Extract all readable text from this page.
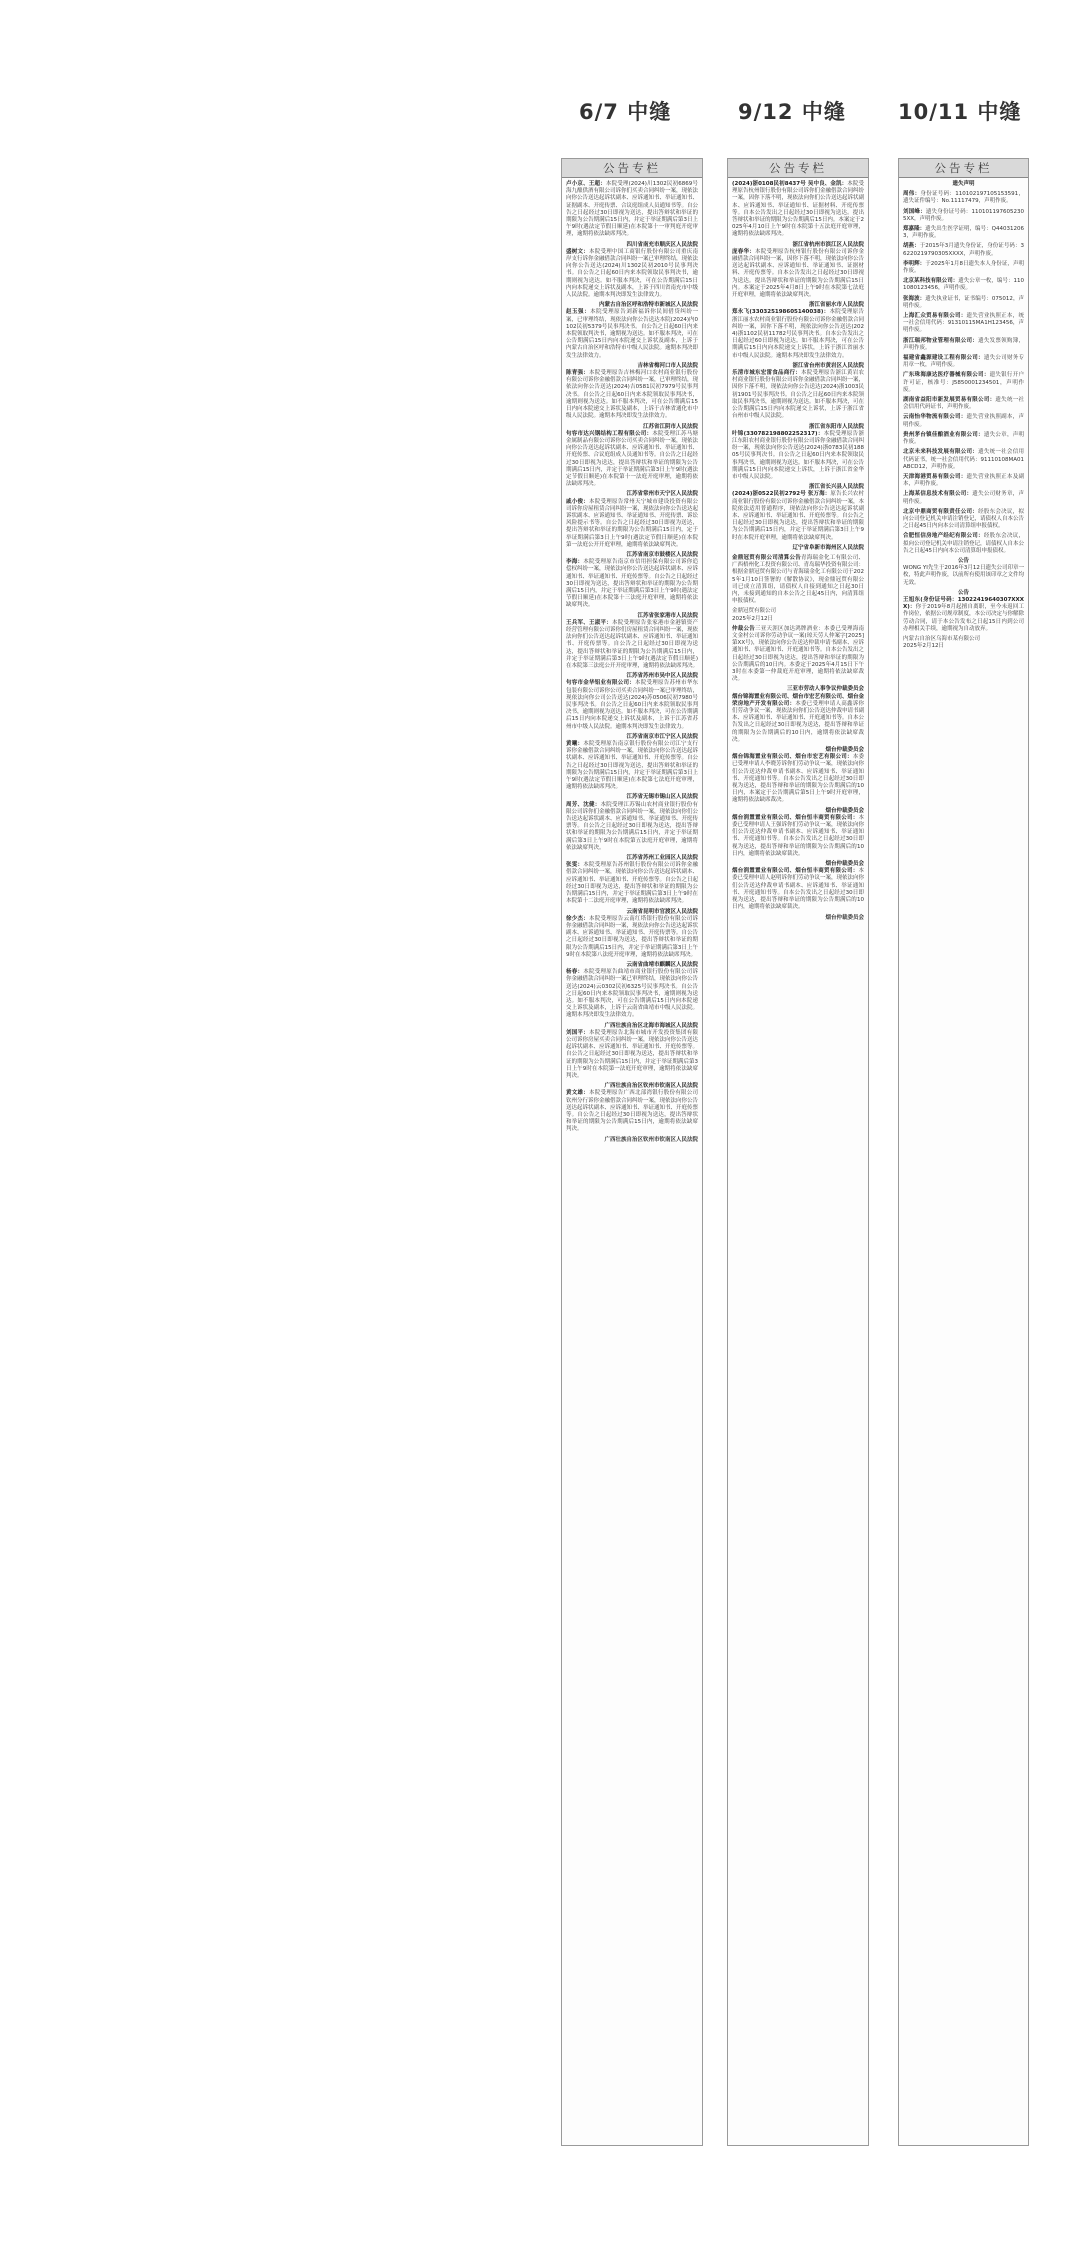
6/7 中缝	9/12 中缝 10/11 中缝
公告专栏
卢小京、王超：本院受理(2024)川1302民初6869号海九酿供酒有限公司诉你们买卖合同纠纷一案，现依法向你公告送达起诉状副本、应诉通知书、举证通知书、证据副本、开庭传票、合议庭组成人员通知书等。自公告之日起经过30日即视为送达，提出答辩状和举证的期限为公告期满后15日内，并定于举证期满后第3日上午9时(遇法定节假日顺延)在本院第十一审判庭开庭审理，逾期将依法缺席判决。
四川省南充市顺庆区人民法院
盛树文：本院受理中国工商银行股份有限公司重庆南岸支行诉你金融借款合同纠纷一案已审理终结，现依法向你公告送达(2024)川1302民初2010号民事判决书。自公告之日起60日内来本院领取民事判决书，逾期则视为送达。如不服本判决，可在公告期满后15日内向本院递交上诉状及副本，上诉于四川省南充市中级人民法院。逾期本判决即发生法律效力。
内蒙古自治区呼和浩特市新城区人民法院
赵玉强：本院受理原告刘新福诉你民间借贷纠纷一案，已审理终结，现依法向你公告送达本院(2024)内0102民初5379号民事判决书。自公告之日起60日内来本院领取判决书，逾期视为送达。如不服本判决，可在公告期满后15日内向本院递交上诉状及副本，上诉于内蒙古自治区呼和浩特市中级人民法院。逾期本判决即发生法律效力。
吉林省梅河口市人民法院
陈青强：本院受理原告吉林梅河口农村商业银行股份有限公司诉你金融借款合同纠纷一案，已审理终结，现依法向你公告送达(2024)吉0581民初7979号民事判决书。自公告之日起60日内来本院领取民事判决书，逾期则视为送达。如不服本判决，可在公告期满后15日内向本院递交上诉状及副本，上诉于吉林省通化市中级人民法院。逾期本判决即发生法律效力。
江苏省江阴市人民法院
句容市达兴钢结构工程有限公司：本院受理江苏马塘金属制品有限公司诉你公司买卖合同纠纷一案，现依法向你公告送达起诉状副本、应诉通知书、举证通知书、开庭传票、合议庭组成人员通知书等。自公告之日起经过30日即视为送达，提出答辩状和举证的期限为公告期满后15日内，并定于举证期满后第3日上午9时(遇法定节假日顺延)在本院第十一法庭开庭审理，逾期将依法缺席判决。
江苏省常州市天宁区人民法院
戚小俊：本院受理原告常州天宁城市建设投资有限公司诉你房屋租赁合同纠纷一案，现依法向你公告送达起诉状副本、应诉通知书、举证通知书、开庭传票、诉讼风险提示书等。自公告之日起经过30日即视为送达，提出答辩状和举证的期限为公告期满后15日内，定于举证期满后第3日上午9时(遇法定节假日顺延)在本院第一法庭公开开庭审理，逾期将依法缺席判决。
江苏省南京市鼓楼区人民法院
李海：本院受理原告南京市信用担保有限公司诉你追偿权纠纷一案，现依法向你公告送达起诉状副本、应诉通知书、举证通知书、开庭传票等。自公告之日起经过30日即视为送达，提出答辩状和举证的期限为公告期满后15日内，并定于举证期满后第3日上午9时(遇法定节假日顺延)在本院第十三法庭开庭审理，逾期将依法缺席判决。
江苏省张家港市人民法院
王兵军、王淑平：本院受理原告张家港市金港镇资产经营管理有限公司诉你们房屋租赁合同纠纷一案，现依法向你们公告送达起诉状副本、应诉通知书、举证通知书、开庭传票等。自公告之日起经过30日即视为送达，提出答辩状和举证的期限为公告期满后15日内，并定于举证期满后第3日上午9时(遇法定节假日顺延)在本院第三法庭公开开庭审理，逾期将依法缺席判决。
江苏省苏州市吴中区人民法院
句容市金华铝业有限公司：本院受理原告苏州市华东包装有限公司诉你公司买卖合同纠纷一案已审理终结，现依法向你公司公告送达(2024)苏0506民初7980号民事判决书。自公告之日起60日内来本院领取民事判决书，逾期则视为送达。如不服本判决，可在公告期满后15日内向本院递交上诉状及副本，上诉于江苏省苏州市中级人民法院。逾期本判决即发生法律效力。
江苏省南京市江宁区人民法院
黄曦：本院受理原告南京银行股份有限公司江宁支行诉你金融借款合同纠纷一案，现依法向你公告送达起诉状副本、应诉通知书、举证通知书、开庭传票等。自公告之日起经过30日即视为送达，提出答辩状和举证的期限为公告期满后15日内，并定于举证期满后第3日上午9时(遇法定节假日顺延)在本院第七法庭开庭审理，逾期将依法缺席判决。
江苏省无锡市锡山区人民法院
周芳、沈健：本院受理江苏锡山农村商业银行股份有限公司诉你们金融借款合同纠纷一案，现依法向你们公告送达起诉状副本、应诉通知书、举证通知书、开庭传票等。自公告之日起经过30日即视为送达，提出答辩状和举证的期限为公告期满后15日内，并定于举证期满后第3日上午9时在本院第五法庭开庭审理，逾期将依法缺席判决。
江苏省苏州工业园区人民法院
张雯：本院受理原告苏州银行股份有限公司诉你金融借款合同纠纷一案，现依法向你公告送达起诉状副本、应诉通知书、举证通知书、开庭传票等。自公告之日起经过30日即视为送达，提出答辩状和举证的期限为公告期满后15日内，并定于举证期满后第3日上午9时在本院第十二法庭开庭审理，逾期将依法缺席判决。
云南省昆明市官渡区人民法院
徐少杰：本院受理原告云南红塔银行股份有限公司诉你金融借款合同纠纷一案，现依法向你公告送达起诉状副本、应诉通知书、举证通知书、开庭传票等。自公告之日起经过30日即视为送达，提出答辩状和举证的期限为公告期满后15日内，并定于举证期满后第3日上午9时在本院第八法庭开庭审理，逾期将依法缺席判决。
云南省曲靖市麒麟区人民法院
杨春：本院受理原告曲靖市商业银行股份有限公司诉你金融借款合同纠纷一案已审理终结，现依法向你公告送达(2024)云0302民初6325号民事判决书。自公告之日起60日内来本院领取民事判决书，逾期则视为送达。如不服本判决，可在公告期满后15日内向本院递交上诉状及副本，上诉于云南省曲靖市中级人民法院。逾期本判决即发生法律效力。
广西壮族自治区北海市海城区人民法院
刘国平：本院受理原告北海市城市开发投资集团有限公司诉你房屋买卖合同纠纷一案，现依法向你公告送达起诉状副本、应诉通知书、举证通知书、开庭传票等。自公告之日起经过30日即视为送达，提出答辩状和举证的期限为公告期满后15日内，并定于举证期满后第3日上午9时在本院第一法庭开庭审理，逾期将依法缺席判决。
广西壮族自治区钦州市钦南区人民法院
黄文雄：本院受理原告广西北部湾银行股份有限公司钦州分行诉你金融借款合同纠纷一案，现依法向你公告送达起诉状副本、应诉通知书、举证通知书、开庭传票等。自公告之日起经过30日即视为送达，提出答辩状和举证的期限为公告期满后15日内，逾期将依法缺席判决。
广西壮族自治区钦州市钦南区人民法院
公告专栏
(2024)浙0108民初8437号 吴中良、金凯：本院受理原告杭州银行股份有限公司诉你们金融借款合同纠纷一案，因你下落不明，现依法向你们公告送达起诉状副本、应诉通知书、举证通知书、证据材料、开庭传票等。自本公告发出之日起经过30日即视为送达。提出答辩状和举证的期限为公告期满后15日内。本案定于2025年4月10日上午9时在本院第十五法庭开庭审理，逾期将依法缺席判决。
浙江省杭州市滨江区人民法院
庞春华：本院受理原告杭州银行股份有限公司诉你金融借款合同纠纷一案，因你下落不明，现依法向你公告送达起诉状副本、应诉通知书、举证通知书、证据材料、开庭传票等。自本公告发出之日起经过30日即视为送达。提出答辩状和举证的期限为公告期满后15日内。本案定于2025年4月8日上午9时在本院第七法庭开庭审理，逾期将依法缺席判决。
浙江省丽水市人民法院
郑永飞(330325198605140038)：本院受理原告浙江丽水农村商业银行股份有限公司诉你金融借款合同纠纷一案，因你下落不明，现依法向你公告送达(2024)浙1102民初11782号民事判决书。自本公告发出之日起经过60日即视为送达。如不服本判决，可在公告期满后15日内向本院递交上诉状，上诉于浙江省丽水市中级人民法院。逾期本判决即发生法律效力。
浙江省台州市黄岩区人民法院
乐清市城东宏雷食品商行：本院受理原告浙江黄岩农村商业银行股份有限公司诉你金融借款合同纠纷一案，因你下落不明，现依法向你公告送达(2024)浙1003民初1901号民事判决书。自公告之日起60日内来本院领取民事判决书，逾期则视为送达。如不服本判决，可在公告期满后15日内向本院递交上诉状，上诉于浙江省台州市中级人民法院。
浙江省东阳市人民法院
叶锦(330782198802252317)：本院受理原告浙江东阳农村商业银行股份有限公司诉你金融借款合同纠纷一案，现依法向你公告送达(2024)浙0783民初18805号民事判决书。自公告之日起60日内来本院领取民事判决书，逾期则视为送达。如不服本判决，可在公告期满后15日内向本院递交上诉状，上诉于浙江省金华市中级人民法院。
浙江省长兴县人民法院
(2024)浙0522民初2792号 张万海：原告长兴农村商业银行股份有限公司诉你金融借款合同纠纷一案，本院依法适用普通程序，现依法向你公告送达起诉状副本、应诉通知书、举证通知书、开庭传票等。自公告之日起经过30日即视为送达，提出答辩状和举证的期限为公告期满后15日内，并定于举证期满后第3日上午9时在本院开庭审理，逾期将依法缺席判决。
辽宁省阜新市海州区人民法院
金鼎冠贸有限公司清算公告青海瑞金化工有限公司、广西梧州化工投资有限公司、青岛瑞华投资有限公司：根据金鼎冠贸有限公司与青海瑞金化工有限公司于2025年1月10日签署的《解散协议》，现金鼎冠贸有限公司已成立清算组，请债权人自接到通知之日起30日内，未接到通知的自本公告之日起45日内，向清算组申报债权。
金鼎冠贸有限公司
2025年2月12日
仲裁公告三亚天涯区加达鸿牌酒业：本委已受理海南文金村公司诉你劳动争议一案(琼天劳人仲案字[2025]第XX号)，现依法向你公告送达仲裁申请书副本、应诉通知书、举证通知书、开庭通知书等。自本公告发出之日起经过30日即视为送达，提出答辩和举证的期限为公告期满后的10日内。本委定于2025年4月15日下午3时在本委第一仲裁庭开庭审理，逾期将依法缺席裁决。
三亚市劳动人事争议仲裁委员会
烟台锦海置业有限公司、烟台市宏艺有限公司、烟台金荣房地产开发有限公司：本委已受理申请人高鑫诉你们劳动争议一案，现依法向你们公告送达仲裁申请书副本、应诉通知书、举证通知书、开庭通知书等。自本公告发出之日起经过30日即视为送达，提出答辩和举证的期限为公告期满后的10日内，逾期将依法缺席裁决。
烟台仲裁委员会
烟台锦海置业有限公司、烟台市宏艺有限公司：本委已受理申请人李晓芳诉你们劳动争议一案，现依法向你们公告送达仲裁申请书副本、应诉通知书、举证通知书、开庭通知书等。自本公告发出之日起经过30日即视为送达，提出答辩和举证的期限为公告期满后的10日内，本案定于公告期满后第5日上午9时开庭审理，逾期将依法缺席裁决。
烟台仲裁委员会
烟台润置置业有限公司、烟台恒丰商贸有限公司：本委已受理申请人王强诉你们劳动争议一案，现依法向你们公告送达仲裁申请书副本、应诉通知书、举证通知书、开庭通知书等。自本公告发出之日起经过30日即视为送达，提出答辩和举证的期限为公告期满后的10日内，逾期将依法缺席裁决。
烟台仲裁委员会
烟台润置置业有限公司、烟台恒丰商贸有限公司：本委已受理申请人赵明诉你们劳动争议一案，现依法向你们公告送达仲裁申请书副本、应诉通知书、举证通知书、开庭通知书等。自本公告发出之日起经过30日即视为送达，提出答辩和举证的期限为公告期满后的10日内，逾期将依法缺席裁决。
烟台仲裁委员会
公告专栏
遗失声明
周伟：身份证号码：110102197105153591，遗失证件编号：No.11117479，声明作废。
刘国峰：遗失身份证号码：1101011976052305XX，声明作废。
郑嘉隆：遗失出生医学证明，编号：Q440312063，声明作废。
胡燕：于2015年3月遗失身份证，身份证号码：36220219790305XXXX，声明作废。
李明辉：于2025年1月8日遗失本人身份证，声明作废。
北京某科技有限公司：遗失公章一枚，编号：1101080123456，声明作废。
张海波：遗失执业证书，证书编号：075012，声明作废。
上海汇众贸易有限公司：遗失营业执照正本，统一社会信用代码：91310115MA1H123456，声明作废。
浙江瑞邦物业管理有限公司：遗失发票领购簿，声明作废。
福建省鑫源建设工程有限公司：遗失公司财务专用章一枚，声明作废。
广东珠海康达医疗器械有限公司：遗失银行开户许可证，核准号：J5850001234501，声明作废。
湖南省益阳市新发展贸易有限公司：遗失统一社会信用代码证书，声明作废。
云南怡华物流有限公司：遗失营业执照副本，声明作废。
贵州茅台镇佳酿酒业有限公司：遗失公章，声明作废。
北京未来科技发展有限公司：遗失统一社会信用代码证书，统一社会信用代码：91110108MA01ABCD12，声明作废。
天津海港贸易有限公司：遗失营业执照正本及副本，声明作废。
上海某信息技术有限公司：遗失公司财务章，声明作废。
北京中鼎商贸有限责任公司：经股东会决议，拟向公司登记机关申请注销登记，请债权人自本公告之日起45日内向本公司清算组申报债权。
合肥恒信房地产经纪有限公司：经股东会决议，拟向公司登记机关申请注销登记，请债权人自本公告之日起45日内向本公司清算组申报债权。
公告
WONG YI先生于2016年3月12日遗失公司印章一枚，特此声明作废，以前所有使用该印章之文件均无效。
公告
王旭东(身份证号码：13022419640307XXXX)：你于2019年8月起擅自离职，至今未返回工作岗位，依据公司规章制度，本公司决定与你解除劳动合同，请于本公告发布之日起15日内到公司办理相关手续，逾期视为自动放弃。
内蒙古自治区乌海市某有限公司
2025年2月12日
